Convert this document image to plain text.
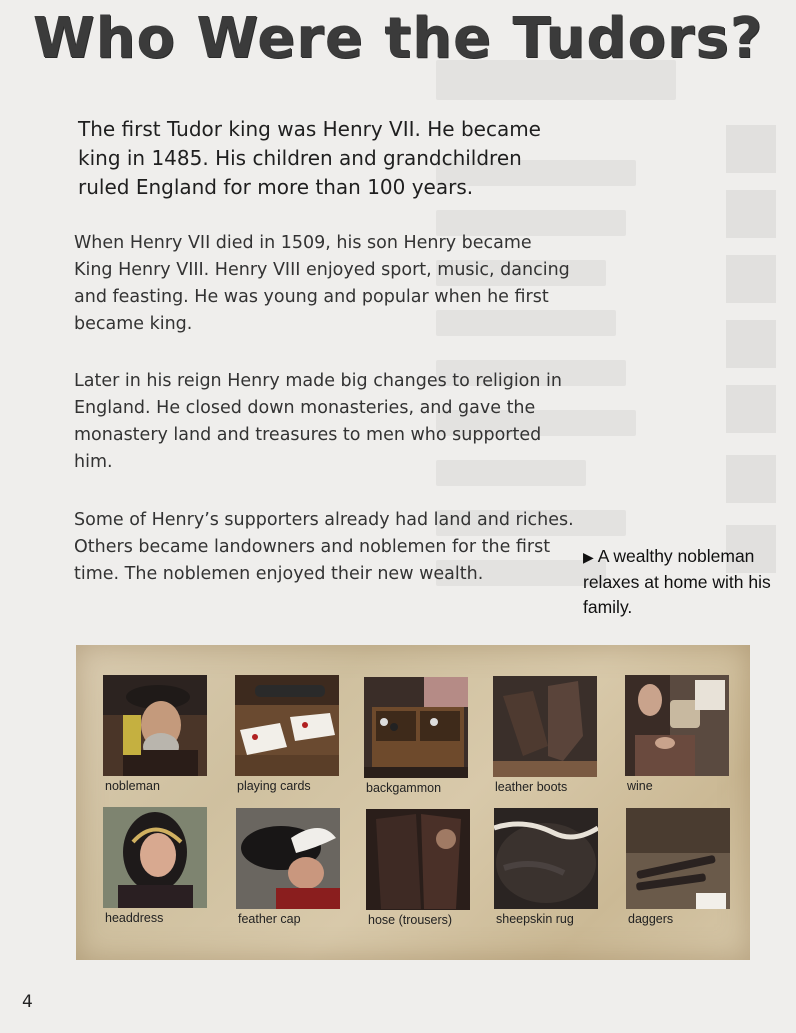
Who Were the Tudors?

The first Tudor king was Henry VII. He became king in 1485. His children and grandchildren ruled England for more than 100 years.

When Henry VII died in 1509, his son Henry became King Henry VIII. Henry VIII enjoyed sport, music, dancing and feasting. He was young and popular when he first became king.

Later in his reign Henry made big changes to religion in England. He closed down monasteries, and gave the monastery land and treasures to men who supported him.

Some of Henry’s supporters already had land and riches. Others became landowners and noblemen for the first time. The noblemen enjoyed their new wealth.

▶ A wealthy nobleman relaxes at home with his family.
nobleman	playing cards	backgammon	leather boots	wine
headdress	feather cap	hose (trousers)	sheepskin rug	daggers
4
